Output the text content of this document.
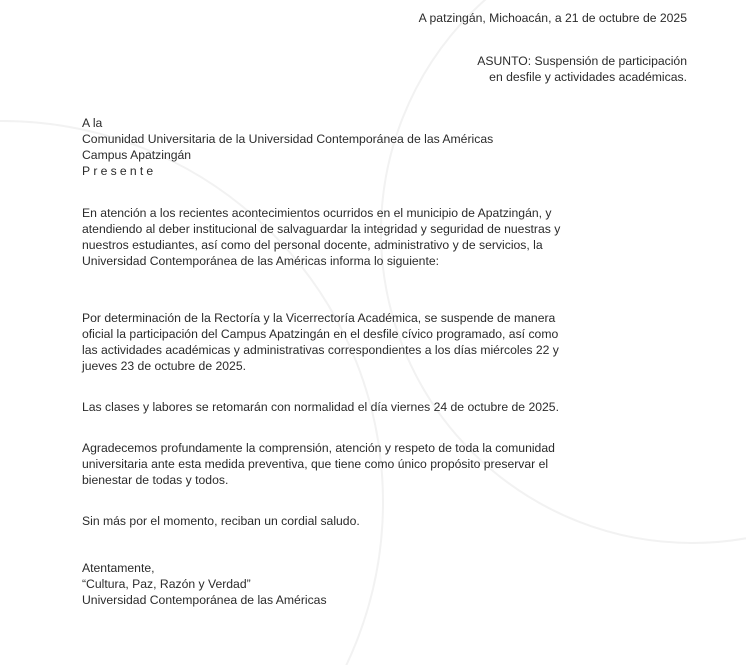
A patzingán, Michoacán, a 21 de octubre de 2025
ASUNTO: Suspensión de participación
en desfile y actividades académicas.
A la
Comunidad Universitaria de la Universidad Contemporánea de las Américas
Campus Apatzingán
Presente
En atención a los recientes acontecimientos ocurridos en el municipio de Apatzingán, y
atendiendo al deber institucional de salvaguardar la integridad y seguridad de nuestras y
nuestros estudiantes, así como del personal docente, administrativo y de servicios, la
Universidad Contemporánea de las Américas informa lo siguiente:
Por determinación de la Rectoría y la Vicerrectoría Académica, se suspende de manera
oficial la participación del Campus Apatzingán en el desfile cívico programado, así como
las actividades académicas y administrativas correspondientes a los días miércoles 22 y
jueves 23 de octubre de 2025.
Las clases y labores se retomarán con normalidad el día viernes 24 de octubre de 2025.
Agradecemos profundamente la comprensión, atención y respeto de toda la comunidad
universitaria ante esta medida preventiva, que tiene como único propósito preservar el
bienestar de todas y todos.
Sin más por el momento, reciban un cordial saludo.
Atentamente,
“Cultura, Paz, Razón y Verdad”
Universidad Contemporánea de las Américas
